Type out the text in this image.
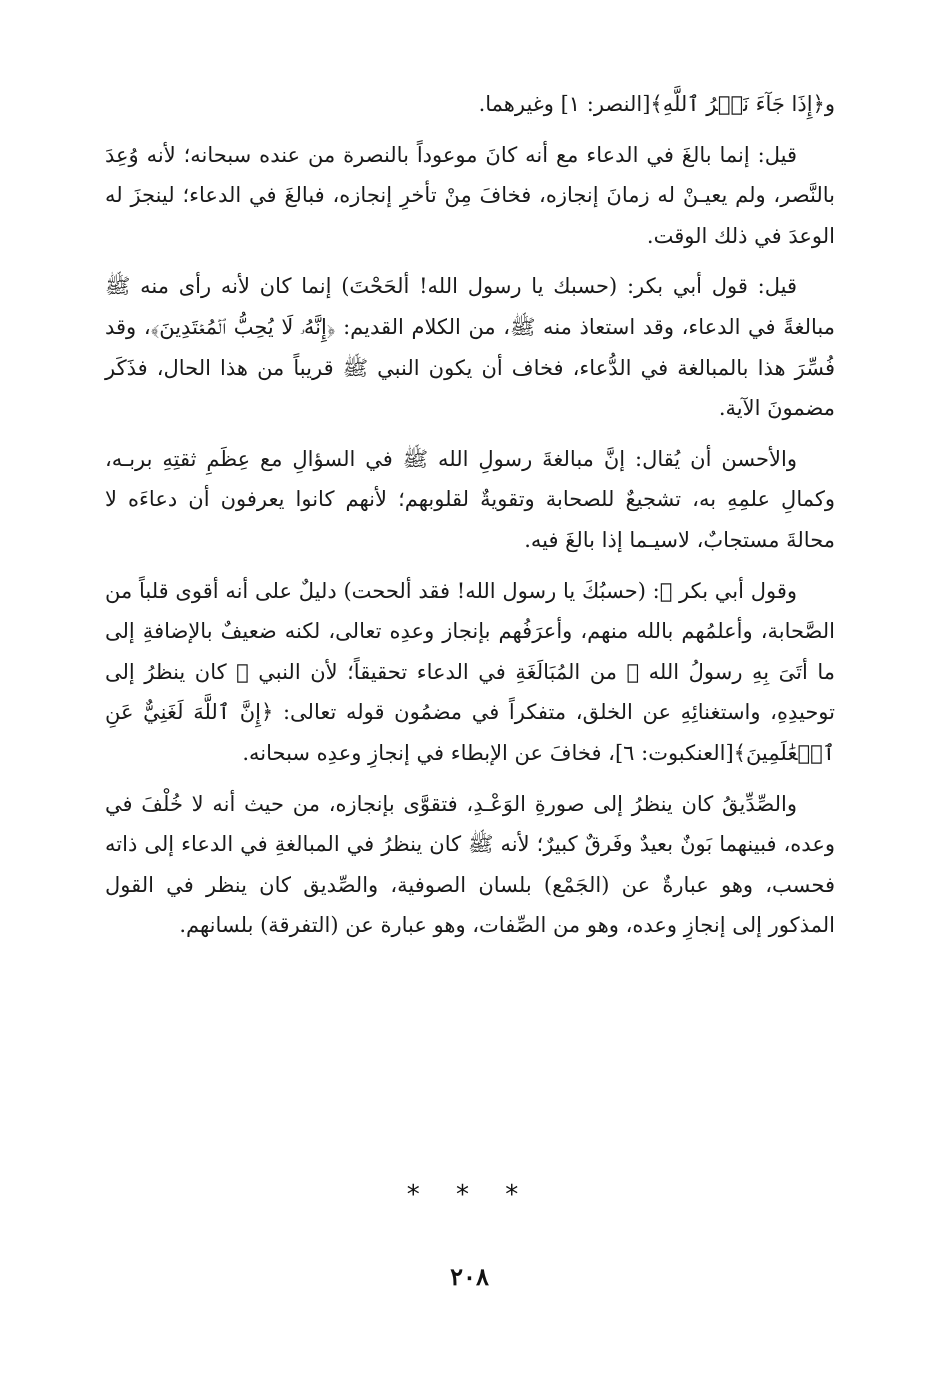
و﴿إِذَا جَآءَ نَصۡرُ ٱللَّهِ﴾[النصر: ١] وغيرهما.

قيل: إنما بالغَ في الدعاء مع أنه كانَ موعوداً بالنصرة من عنده سبحانه؛ لأنه وُعِدَ بالنَّصر، ولم يعيـنْ له زمانَ إنجازه، فخافَ مِنْ تأخرِ إنجازه، فبالغَ في الدعاء؛ لينجزَ له الوعدَ في ذلك الوقت.

قيل: قول أبي بكر: (حسبك يا رسول الله! ألحَحْتَ) إنما كان لأنه رأى منه ﷺ مبالغةً في الدعاء، وقد استعاذ منه ﷺ، من الكلام القديم: ﴿إِنَّهُۥ لَا يُحِبُّ ٱلۡمُعۡتَدِينَ﴾، وقد فُسِّرَ هذا بالمبالغة في الدُّعاء، فخاف أن يكون النبي ﷺ قريباً من هذا الحال، فذَكَر مضمونَ الآية.

والأحسن أن يُقال: إنَّ مبالغةَ رسولِ الله ﷺ في السؤالِ مع عِظَمِ ثقتِهِ بربـه، وكمالِ علمِهِ به، تشجيعٌ للصحابة وتقويةٌ لقلوبهم؛ لأنهم كانوا يعرفون أن دعاءَه لا محالةَ مستجابٌ، لاسيـما إذا بالغَ فيه.

وقول أبي بكر ﷺ: (حسبُكَ يا رسول الله! فقد ألححت) دليلٌ على أنه أقوى قلباً من الصَّحابة، وأعلمُهم بالله منهم، وأعرَفُهم بإنجاز وعدِه تعالى، لكنه ضعيفٌ بالإضافةِ إلى ما أتَىَ بِهِ رسولُ الله ﷺ من المُبَالَغَةِ في الدعاء تحقيقاً؛ لأن النبي ﷺ كان ينظرُ إلى توحيدِهِ، واستغنائِهِ عن الخلق، متفكراً في مضمُون قوله تعالى: ﴿إِنَّ ٱللَّهَ لَغَنِيٌّ عَنِ ٱلۡعَٰلَمِينَ﴾[العنكبوت: ٦]، فخافَ عن الإبطاء في إنجازِ وعدِه سبحانه.

والصِّدِّيقُ كان ينظرُ إلى صورةِ الوَعْـدِ، فتقوَّى بإنجازه، من حيث أنه لا خُلْفَ في وعده، فبينهما بَونٌ بعيدٌ وفَرقٌ كبيرٌ؛ لأنه ﷺ كان ينظرُ في المبالغةِ في الدعاء إلى ذاته فحسب، وهو عبارةٌ عن (الجَمْع) بلسان الصوفية، والصِّديق كان ينظر في القول المذكور إلى إنجازِ وعده، وهو من الصِّفات، وهو عبارة عن (التفرقة) بلسانهم.

* * *
٢٠٨
